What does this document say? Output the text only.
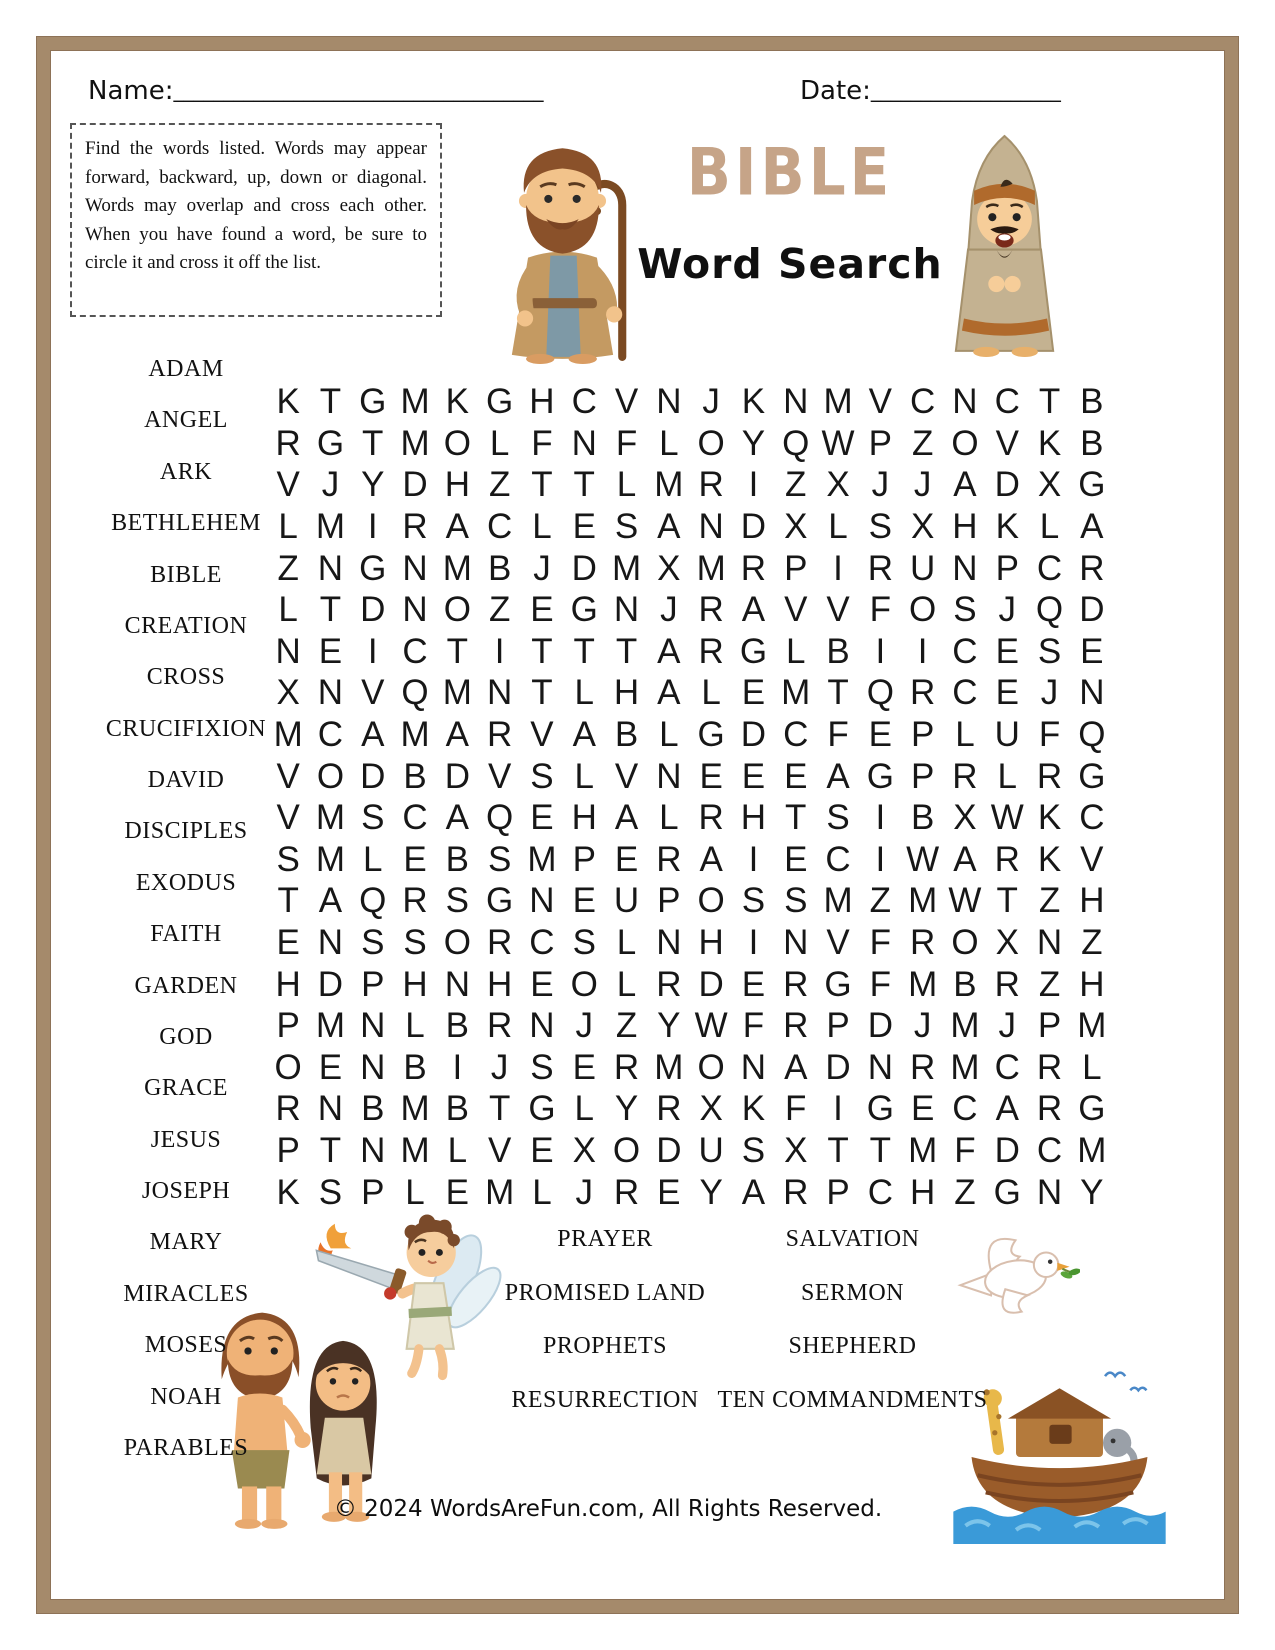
Name:_____________________________________	Date:___________________
Find the words listed. Words may appear forward, backward, up, down or diagonal. Words may overlap and cross each other. When you have found a word, be sure to circle it and cross it off the list.
BIBLE
Word Search
ADAM
ANGEL
ARK
BETHLEHEM
BIBLE
CREATION
CROSS
CRUCIFIXION
DAVID
DISCIPLES
EXODUS
FAITH
GARDEN
GOD
GRACE
JESUS
JOSEPH
MARY
MIRACLES
MOSES
NOAH
PARABLES
K T G M K G H C V N J K N M V C N C T B
R G T M O L F N F L O Y Q W P Z O V K B
V J Y D H Z T T L M R I Z X J J A D X G
L M I R A C L E S A N D X L S X H K L A
Z N G N M B J D M X M R P I R U N P C R
L T D N O Z E G N J R A V V F O S J Q D
N E I C T I T T T A R G L B I I C E S E
X N V Q M N T L H A L E M T Q R C E J N
M C A M A R V A B L G D C F E P L U F Q
V O D B D V S L V N E E E A G P R L R G
V M S C A Q E H A L R H T S I B X W K C
S M L E B S M P E R A I E C I W A R K V
T A Q R S G N E U P O S S M Z M W T Z H
E N S S O R C S L N H I N V F R O X N Z
H D P H N H E O L R D E R G F M B R Z H
P M N L B R N J Z Y W F R P D J M J P M
O E N B I J S E R M O N A D N R M C R L
R N B M B T G L Y R X K F I G E C A R G
P T N M L V E X O D U S X T T M F D C M
K S P L E M L J R E Y A R P C H Z G N Y
PRAYER
PROMISED LAND
PROPHETS
RESURRECTION
SALVATION
SERMON
SHEPHERD
TEN COMMANDMENTS
© 2024 WordsAreFun.com, All Rights Reserved.
